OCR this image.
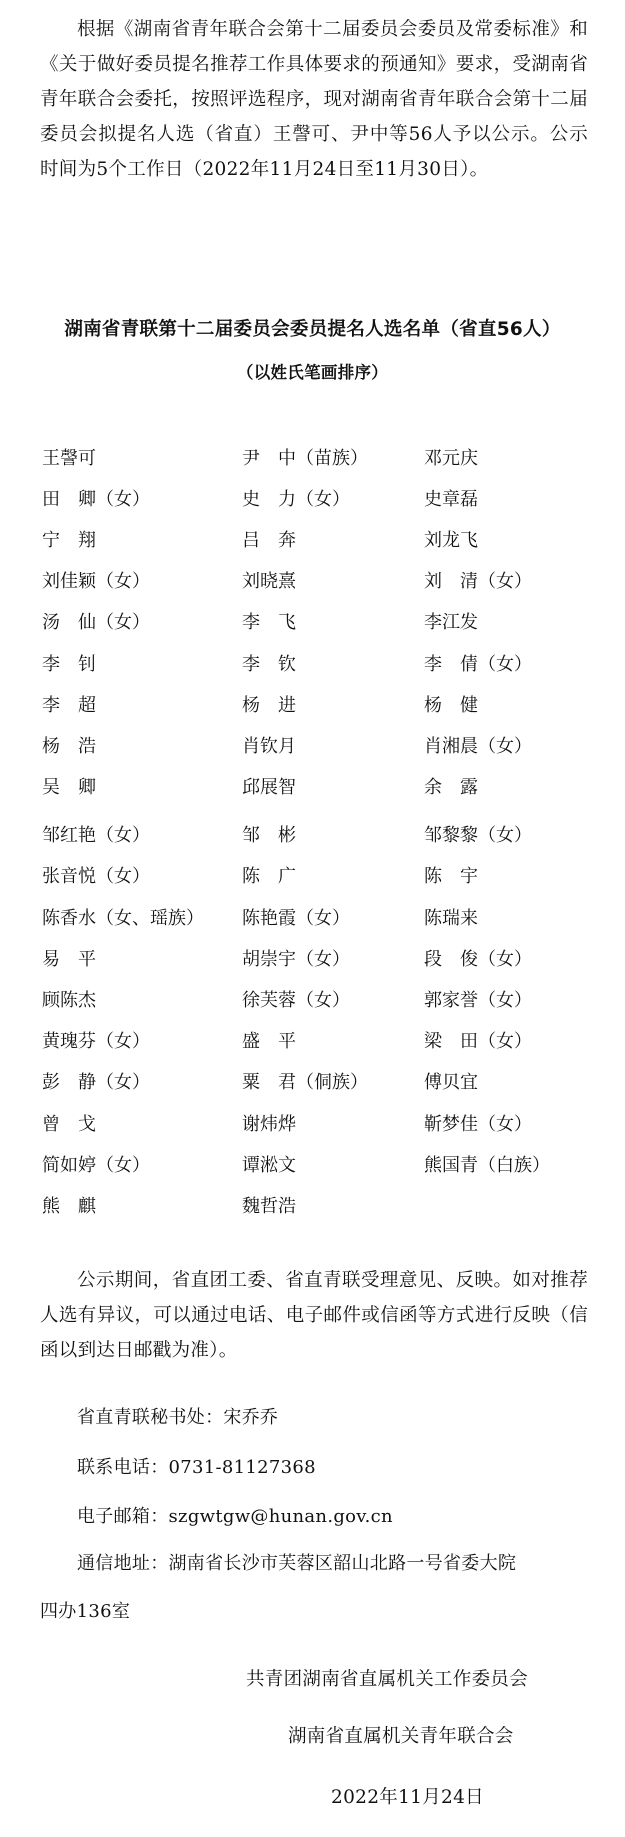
根据《湖南省青年联合会第十二届委员会委员及常委标准》和《关于做好委员提名推荐工作具体要求的预通知》要求，受湖南省青年联合会委托，按照评选程序，现对湖南省青年联合会第十二届委员会拟提名人选（省直）王謦可、尹中等56人予以公示。公示时间为5个工作日（2022年11月24日至11月30日）。
湖南省青联第十二届委员会委员提名人选名单（省直56人）
（以姓氏笔画排序）
王謦可	尹　中（苗族）	邓元庆
田　卿（女）	史　力（女）	史章磊
宁　翔	吕　奔	刘龙飞
刘佳颖（女）	刘晓熹	刘　清（女）
汤　仙（女）	李　飞	李江发
李　钊	李　钦	李　倩（女）
李　超	杨　进	杨　健
杨　浩	肖钦月	肖湘晨（女）
吴　卿	邱展智	余　露
邹红艳（女）	邹　彬	邹黎黎（女）
张音悦（女）	陈　广	陈　宇
陈香水（女、瑶族）	陈艳霞（女）	陈瑞来
易　平	胡崇宇（女）	段　俊（女）
顾陈杰	徐芙蓉（女）	郭家誉（女）
黄瑰芬（女）	盛　平	梁　田（女）
彭　静（女）	粟　君（侗族）	傅贝宜
曾　戈	谢炜烨	靳梦佳（女）
简如婷（女）	谭淞文	熊国青（白族）
熊　麒	魏哲浩
公示期间，省直团工委、省直青联受理意见、反映。如对推荐人选有异议，可以通过电话、电子邮件或信函等方式进行反映（信函以到达日邮戳为准）。
省直青联秘书处：宋乔乔
联系电话：0731-81127368
电子邮箱：szgwtgw@hunan.gov.cn
通信地址：湖南省长沙市芙蓉区韶山北路一号省委大院
四办136室
共青团湖南省直属机关工作委员会
湖南省直属机关青年联合会
2022年11月24日
